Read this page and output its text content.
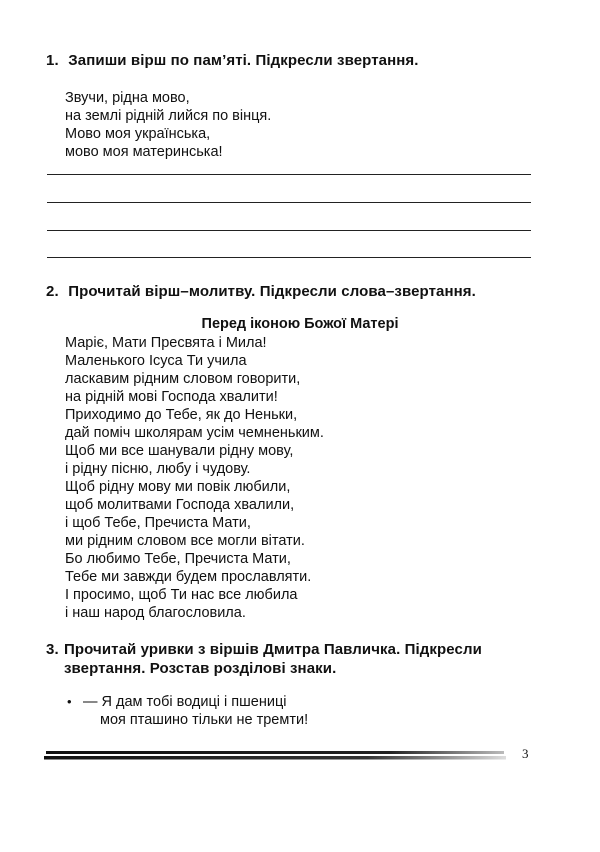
1. Запиши вірш по пам’яті. Підкресли звертання.
Звучи, рідна мово,
на землі рідній лийся по вінця.
Мово моя українська,
мово моя материнська!
2. Прочитай вірш–молитву. Підкресли слова–звертання.
Перед іконою Божої Матері
Маріє, Мати Пресвята і Мила!
Маленького Ісуса Ти учила
ласкавим рідним словом говорити,
на рідній мові Господа хвалити!
Приходимо до Тебе, як до Неньки,
дай поміч школярам усім чемненьким.
Щоб ми все шанували рідну мову,
і рідну пісню, любу і чудову.
Щоб рідну мову ми повік любили,
щоб молитвами Господа хвалили,
і щоб Тебе, Пречиста Мати,
ми рідним словом все могли вітати.
Бо любимо Тебе, Пречиста Мати,
Тебе ми завжди будем прославляти.
І просимо, щоб Ти нас все любила
і наш народ благословила.
3. Прочитай уривки з віршів Дмитра Павличка. Підкресли
звертання. Розстав розділові знаки.
• — Я дам тобі водиці і пшениці
моя пташино тільки не тремти!
3
